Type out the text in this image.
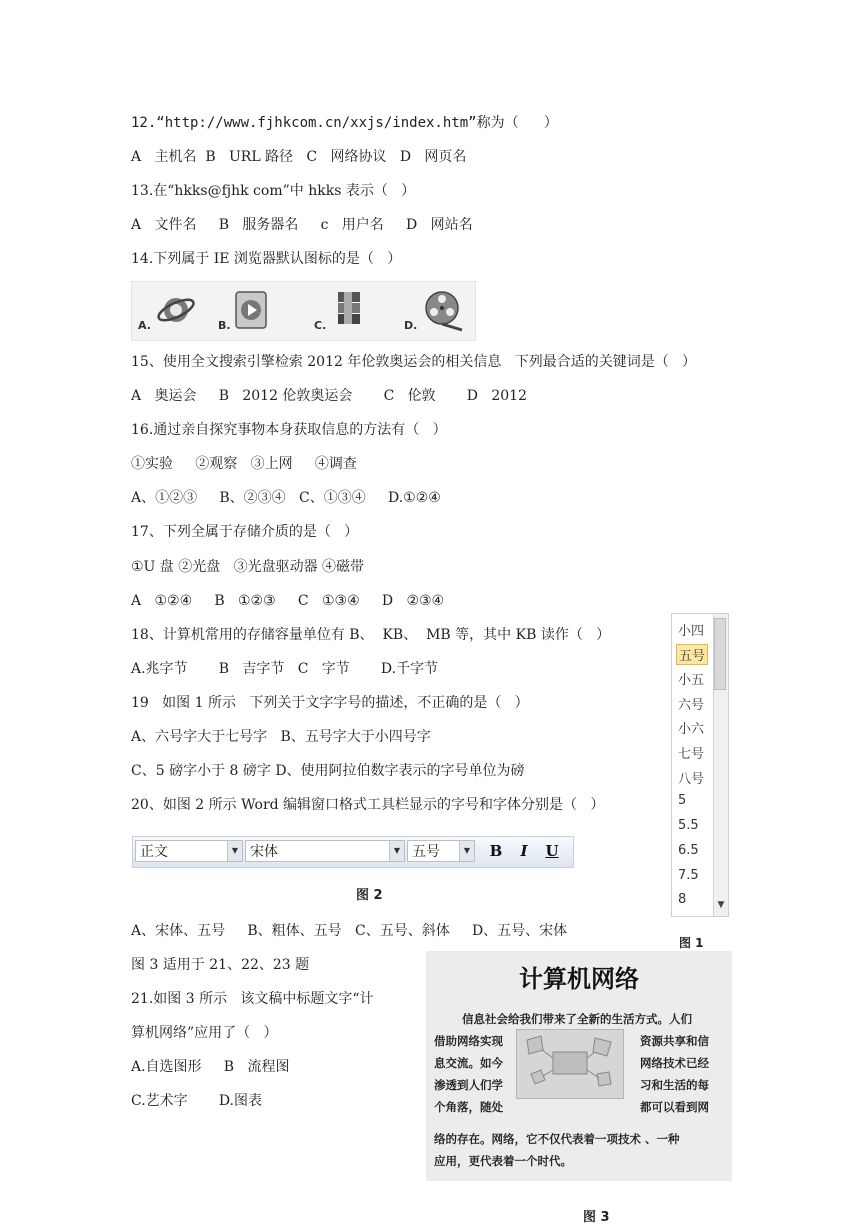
12.“http://www.fjhkcom.cn/xxjs/index.htm”称为（   ）
A   主机名  B   URL 路径   C   网络协议   D   网页名
13.在“hkks@fjhk com”中 hkks 表示（   ）
A   文件名     B   服务器名     c   用户名     D   网站名
14.下列属于 IE 浏览器默认图标的是（   ）
A.	B.	C.	D.
15、使用全文搜索引擎检索 2012 年伦敦奥运会的相关信息   下列最合适的关键词是（   ）
A   奥运会     B   2012 伦敦奥运会       C   伦敦       D   2012
16.通过亲自探究事物本身获取信息的方法有（   ）
①实验     ②观察   ③上网     ④调查
A、①②③     B、②③④   C、①③④     D.①②④
17、下列全属于存储介质的是（   ）
①U 盘 ②光盘   ③光盘驱动器 ④磁带
A   ①②④     B   ①②③     C   ①③④     D   ②③④
18、计算机常用的存储容量单位有 B、  KB、  MB 等，其中 KB 读作（   ）
A.兆字节       B   吉字节   C   字节       D.千字节
19   如图 1 所示   下列关于文字字号的描述，不正确的是（   ）
A、六号字大于七号字   B、五号字大于小四号字
C、5 磅字小于 8 磅字 D、使用阿拉伯数字表示的字号单位为磅
20、如图 2 所示 Word 编辑窗口格式工具栏显示的字号和字体分别是（   ）
小四
五号
小五
六号
小六
七号
八号
5
5.5
6.5
7.5
8	▼
图 1
正文	▼ 宋体	▼ 五号	▼	B	I	U
图 2
A、宋体、五号     B、粗体、五号   C、五号、斜体     D、五号、宋体
图 3 适用于 21、22、23 题
21.如图 3 所示   该文稿中标题文字“计
算机网络”应用了（   ）
A.自选图形     B   流程图
C.艺术字       D.图表
计算机网络
信息社会给我们带来了全新的生活方式。人们
借助网络实现	资源共享和信
息交流。如今	网络技术已经
渗透到人们学	习和生活的每
个角落，随处	都可以看到网
络的存在。网络，它不仅代表着一项技术 、一种
应用，更代表着一个时代。
图 3
